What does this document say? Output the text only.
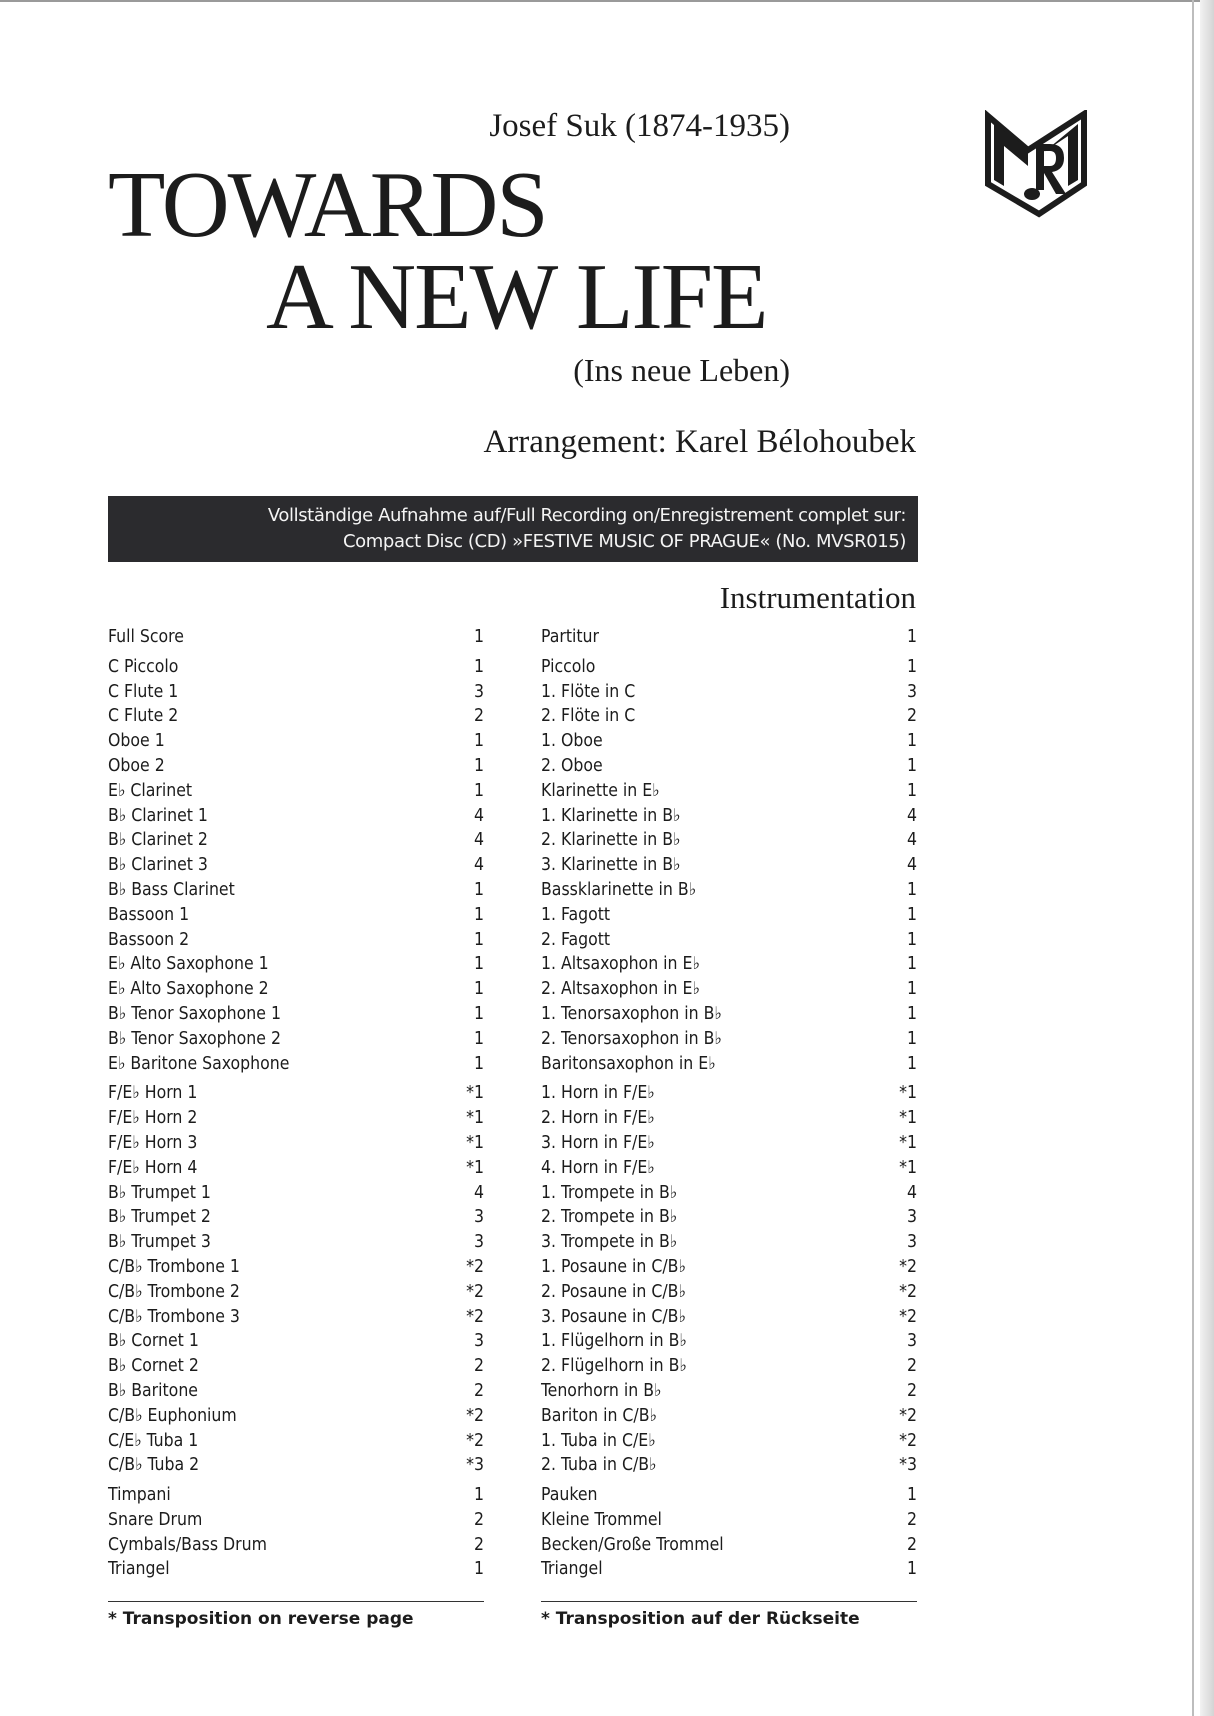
Josef Suk (1874-1935)
TOWARDS
A NEW LIFE
(Ins neue Leben)
Arrangement: Karel Bélohoubek
Vollständige Aufnahme auf/Full Recording on/Enregistrement complet sur:
Compact Disc (CD) »FESTIVE MUSIC OF PRAGUE« (No. MVSR015)
Instrumentation
Full Score	1
C Piccolo	1
C Flute 1	3
C Flute 2	2
Oboe 1	1
Oboe 2	1
E♭ Clarinet	1
B♭ Clarinet 1	4
B♭ Clarinet 2	4
B♭ Clarinet 3	4
B♭ Bass Clarinet	1
Bassoon 1	1
Bassoon 2	1
E♭ Alto Saxophone 1	1
E♭ Alto Saxophone 2	1
B♭ Tenor Saxophone 1	1
B♭ Tenor Saxophone 2	1
E♭ Baritone Saxophone	1
F/E♭ Horn 1	*1
F/E♭ Horn 2	*1
F/E♭ Horn 3	*1
F/E♭ Horn 4	*1
B♭ Trumpet 1	4
B♭ Trumpet 2	3
B♭ Trumpet 3	3
C/B♭ Trombone 1	*2
C/B♭ Trombone 2	*2
C/B♭ Trombone 3	*2
B♭ Cornet 1	3
B♭ Cornet 2	2
B♭ Baritone	2
C/B♭ Euphonium	*2
C/E♭ Tuba 1	*2
C/B♭ Tuba 2	*3
Timpani	1
Snare Drum	2
Cymbals/Bass Drum	2
Triangel	1
Partitur	1
Piccolo	1
1. Flöte in C	3
2. Flöte in C	2
1. Oboe	1
2. Oboe	1
Klarinette in E♭	1
1. Klarinette in B♭	4
2. Klarinette in B♭	4
3. Klarinette in B♭	4
Bassklarinette in B♭	1
1. Fagott	1
2. Fagott	1
1. Altsaxophon in E♭	1
2. Altsaxophon in E♭	1
1. Tenorsaxophon in B♭	1
2. Tenorsaxophon in B♭	1
Baritonsaxophon in E♭	1
1. Horn in F/E♭	*1
2. Horn in F/E♭	*1
3. Horn in F/E♭	*1
4. Horn in F/E♭	*1
1. Trompete in B♭	4
2. Trompete in B♭	3
3. Trompete in B♭	3
1. Posaune in C/B♭	*2
2. Posaune in C/B♭	*2
3. Posaune in C/B♭	*2
1. Flügelhorn in B♭	3
2. Flügelhorn in B♭	2
Tenorhorn in B♭	2
Bariton in C/B♭	*2
1. Tuba in C/E♭	*2
2. Tuba in C/B♭	*3
Pauken	1
Kleine Trommel	2
Becken/Große Trommel	2
Triangel	1
* Transposition on reverse page	* Transposition auf der Rückseite
